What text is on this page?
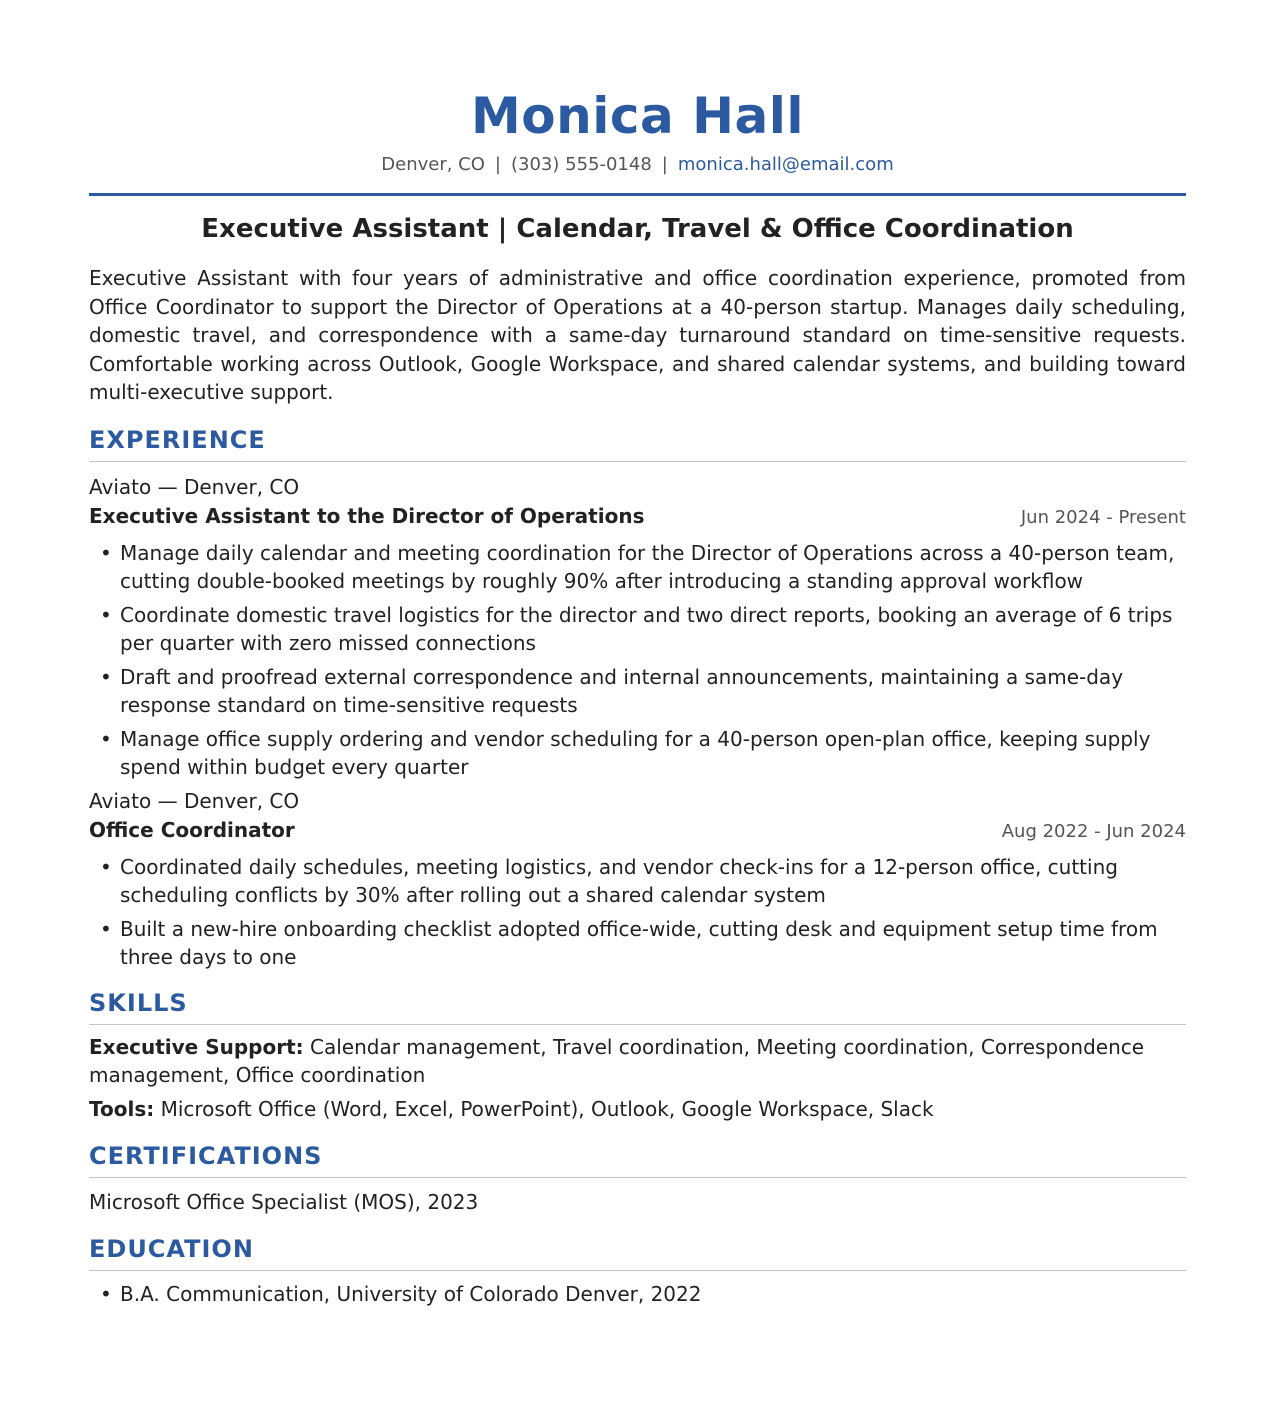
Monica Hall
Denver, CO | (303) 555-0148 | monica.hall@email.com
Executive Assistant | Calendar, Travel & Office Coordination
Executive Assistant with four years of administrative and office coordination experience, promoted from Office Coordinator to support the Director of Operations at a 40-person startup. Manages daily scheduling, domestic travel, and correspondence with a same-day turnaround standard on time-sensitive requests. Comfortable working across Outlook, Google Workspace, and shared calendar systems, and building toward multi-executive support.
EXPERIENCE
Aviato — Denver, CO
Executive Assistant to the Director of Operations	Jun 2024 - Present
• Manage daily calendar and meeting coordination for the Director of Operations across a 40-person team, cutting double-booked meetings by roughly 90% after introducing a standing approval workflow
• Coordinate domestic travel logistics for the director and two direct reports, booking an average of 6 trips per quarter with zero missed connections
• Draft and proofread external correspondence and internal announcements, maintaining a same-day response standard on time-sensitive requests
• Manage office supply ordering and vendor scheduling for a 40-person open-plan office, keeping supply spend within budget every quarter
Aviato — Denver, CO
Office Coordinator	Aug 2022 - Jun 2024
• Coordinated daily schedules, meeting logistics, and vendor check-ins for a 12-person office, cutting scheduling conflicts by 30% after rolling out a shared calendar system
• Built a new-hire onboarding checklist adopted office-wide, cutting desk and equipment setup time from three days to one
SKILLS
Executive Support: Calendar management, Travel coordination, Meeting coordination, Correspondence management, Office coordination
Tools: Microsoft Office (Word, Excel, PowerPoint), Outlook, Google Workspace, Slack
CERTIFICATIONS
Microsoft Office Specialist (MOS), 2023
EDUCATION
• B.A. Communication, University of Colorado Denver, 2022
